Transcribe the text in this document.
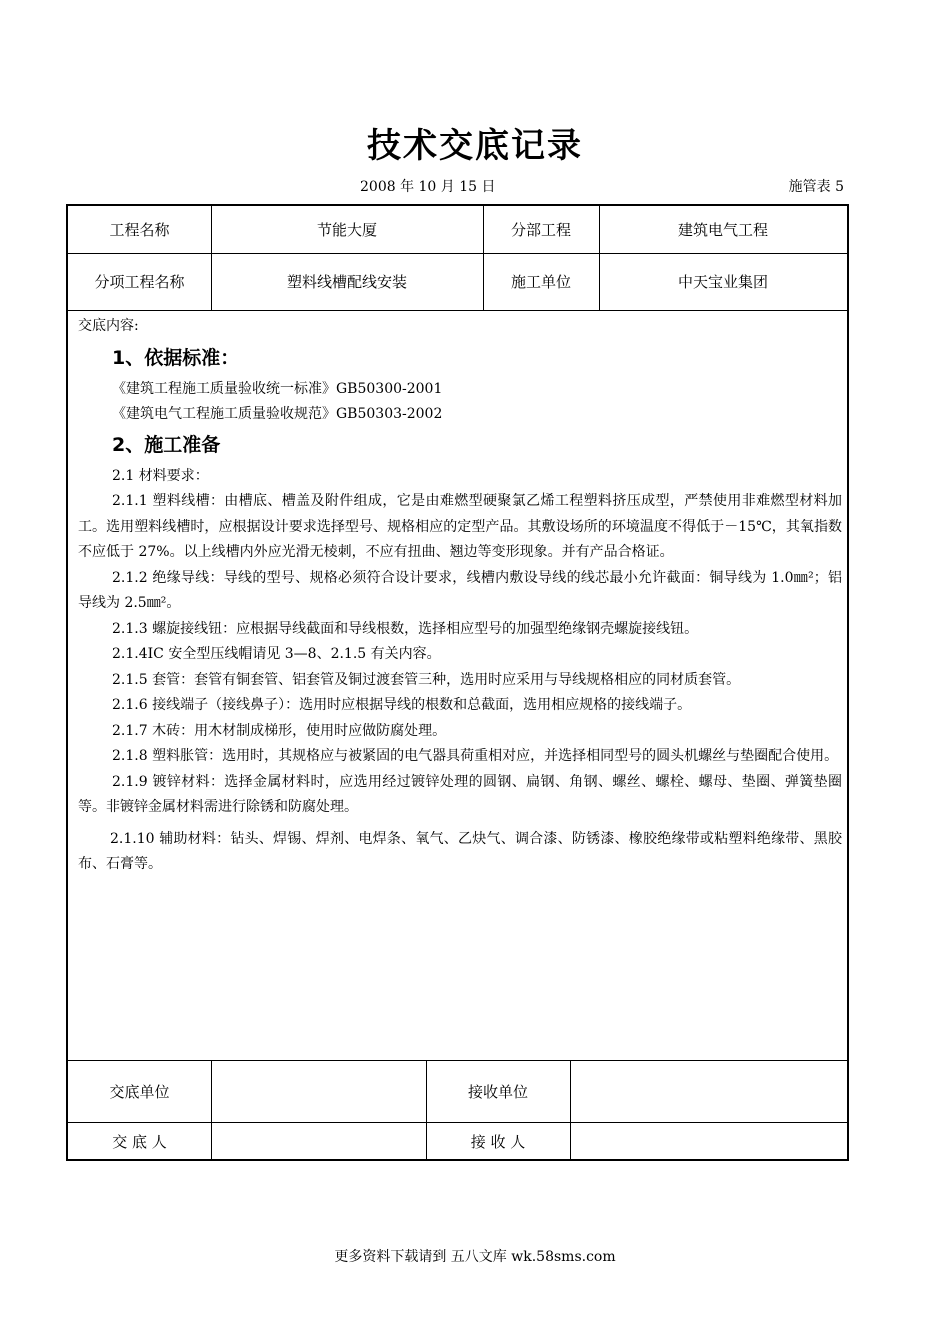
技术交底记录
2008 年 10 月 15 日	施管表 5
工程名称	节能大厦	分部工程	建筑电气工程
分项工程名称	塑料线槽配线安装	施工单位	中天宝业集团

交底内容:

1、依据标准：

《建筑工程施工质量验收统一标准》GB50300-2001

《建筑电气工程施工质量验收规范》GB50303-2002

2、施工准备

2.1 材料要求：

2.1.1 塑料线槽：由槽底、槽盖及附件组成，它是由难燃型硬聚氯乙烯工程塑料挤压成型，严禁使用非难燃型材料加工。选用塑料线槽时，应根据设计要求选择型号、规格相应的定型产品。其敷设场所的环境温度不得低于－15℃，其氧指数不应低于 27%。以上线槽内外应光滑无棱刺，不应有扭曲、翘边等变形现象。并有产品合格证。

2.1.2 绝缘导线：导线的型号、规格必须符合设计要求，线槽内敷设导线的线芯最小允许截面：铜导线为 1.0㎜²；铝导线为 2.5㎜²。

2.1.3 螺旋接线钮：应根据导线截面和导线根数，选择相应型号的加强型绝缘钢壳螺旋接线钮。

2.1.4IC 安全型压线帽请见 3—8、2.1.5 有关内容。

2.1.5 套管：套管有铜套管、铝套管及铜过渡套管三种，选用时应采用与导线规格相应的同材质套管。

2.1.6 接线端子（接线鼻子）：选用时应根据导线的根数和总截面，选用相应规格的接线端子。

2.1.7 木砖：用木材制成梯形，使用时应做防腐处理。

2.1.8 塑料胀管：选用时，其规格应与被紧固的电气器具荷重相对应，并选择相同型号的圆头机螺丝与垫圈配合使用。

2.1.9 镀锌材料：选择金属材料时，应选用经过镀锌处理的圆钢、扁钢、角钢、螺丝、螺栓、螺母、垫圈、弹簧垫圈等。非镀锌金属材料需进行除锈和防腐处理。

2.1.10 辅助材料：钻头、焊锡、焊剂、电焊条、氧气、乙炔气、调合漆、防锈漆、橡胶绝缘带或粘塑料绝缘带、黑胶布、石膏等。

交底单位	接收单位
交 底 人	接 收 人
更多资料下载请到 五八文库 wk.58sms.com
